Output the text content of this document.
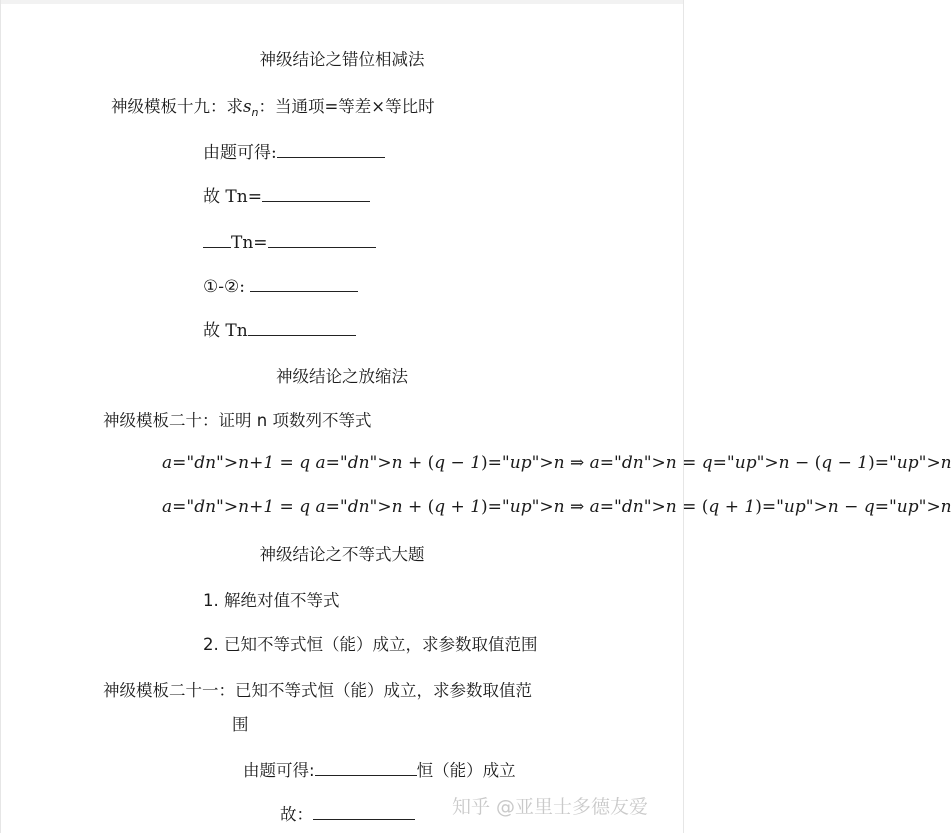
神级结论之错位相减法
神级模板十九：求$s_n$：当通项=等差×等比时
由题可得:
故 Tn=
Tn=
①-②:
故 Tn
神级结论之放缩法
神级模板二十：证明 n 项数列不等式
a="dn">n+1 = q a="dn">n + (q − 1)="up">n ⇒ a="dn">n = q="up">n − (q − 1)="up">n
a="dn">n+1 = q a="dn">n + (q + 1)="up">n ⇒ a="dn">n = (q + 1)="up">n − q="up">n
神级结论之不等式大题
1. 解绝对值不等式
2. 已知不等式恒（能）成立，求参数取值范围
神级模板二十一：已知不等式恒（能）成立，求参数取值范
围
由题可得:	恒（能）成立
故：	知乎 @亚里士多德友爱
